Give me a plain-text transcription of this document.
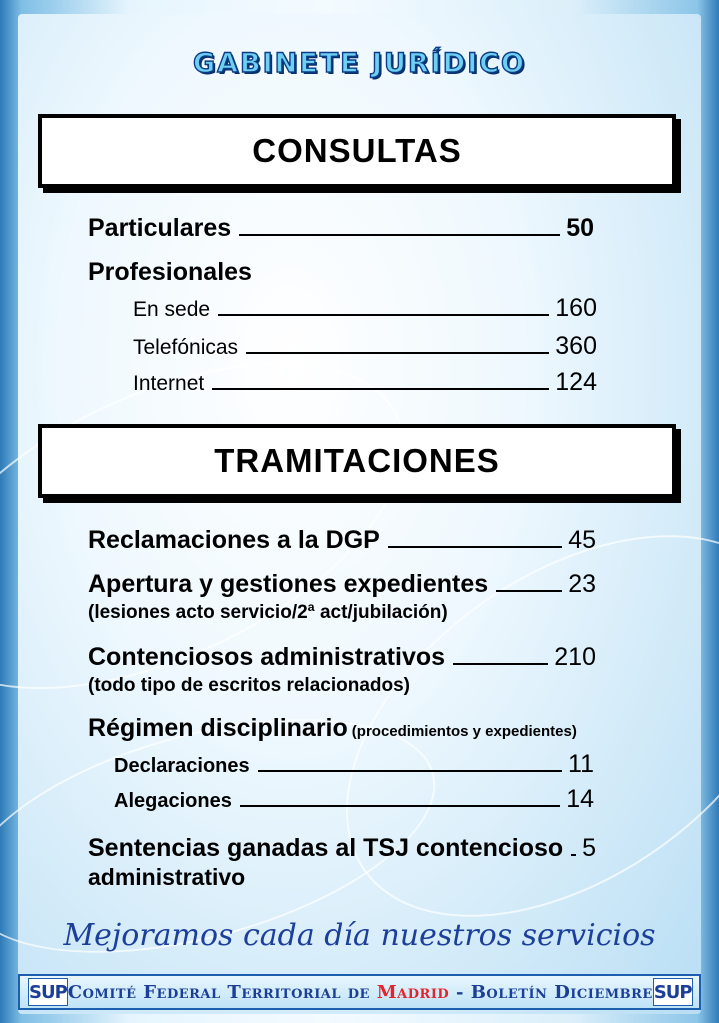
GABINETE JURÍDICO
CONSULTAS
Particulares	50
Profesionales
En sede	160
Telefónicas	360
Internet	124
TRAMITACIONES
Reclamaciones a la DGP	45
Apertura y gestiones expedientes	23
(lesiones acto servicio/2ª act/jubilación)
Contenciosos administrativos	210
(todo tipo de escritos relacionados)
Régimen disciplinario (procedimientos y expedientes)
Declaraciones	11
Alegaciones	14
Sentencias ganadas al TSJ contencioso 5
administrativo
Mejoramos cada día nuestros servicios
SUP Comité Federal Territorial de Madrid - Boletín Diciembre SUP
